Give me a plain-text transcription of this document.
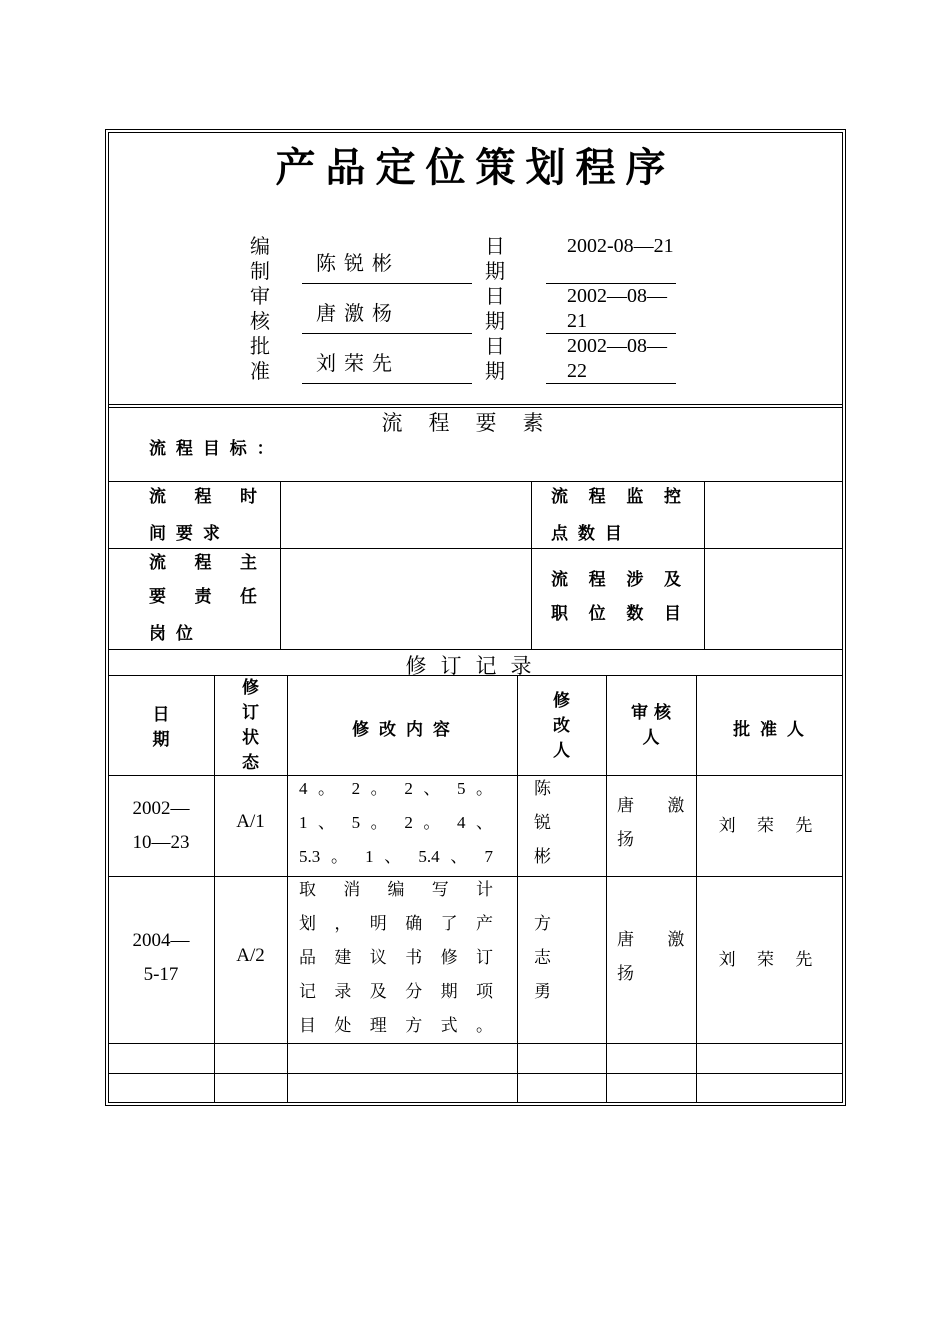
产品定位策划程序
编制 陈锐彬
日期
2002-08—21
审核 唐激杨
日期
2002—08—21
批准 刘荣先
日期
2002—08—22
流程要素
流 程 目 标 ：
流 程 时
间 要 求
流 程 监 控
点 数 目
流 程 主
要 责 任
岗 位
流 程 涉 及
职 位 数 目
修订记录
日
期
修
订
状
态
修 改 内 容
修
改
人
审 核
人	批 准 人
2002—
10—23
A/1
4 。 2 。 2 、 5 。
1 、 5 。 2 。 4 、
5.3 。 1 、 5.4 、 7
陈
锐
彬
唐 激
扬
刘 荣 先
2004—
5-17
A/2
取 消 编 写 计
划 ， 明 确 了 产
品 建 议 书 修 订
记 录 及 分 期 项
目 处 理 方 式 。
方
志
勇
唐 激
扬
刘 荣 先
